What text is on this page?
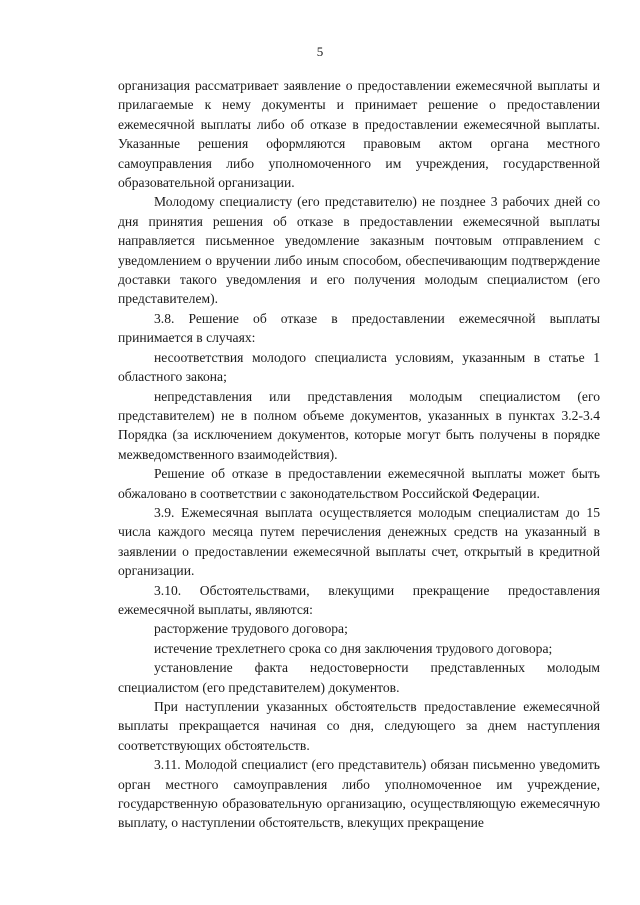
5

организация рассматривает заявление о предоставлении ежемесячной выплаты и прилагаемые к нему документы и принимает решение о предоставлении ежемесячной выплаты либо об отказе в предоставлении ежемесячной выплаты. Указанные решения оформляются правовым актом органа местного самоуправления либо уполномоченного им учреждения, государственной образовательной организации.

Молодому специалисту (его представителю) не позднее 3 рабочих дней со дня принятия решения об отказе в предоставлении ежемесячной выплаты направляется письменное уведомление заказным почтовым отправлением с уведомлением о вручении либо иным способом, обеспечивающим подтверждение доставки такого уведомления и его получения молодым специалистом (его представителем).

3.8. Решение об отказе в предоставлении ежемесячной выплаты принимается в случаях:

несоответствия молодого специалиста условиям, указанным в статье 1 областного закона;

непредставления или представления молодым специалистом (его представителем) не в полном объеме документов, указанных в пунктах 3.2-3.4 Порядка (за исключением документов, которые могут быть получены в порядке межведомственного взаимодействия).

Решение об отказе в предоставлении ежемесячной выплаты может быть обжаловано в соответствии с законодательством Российской Федерации.

3.9. Ежемесячная выплата осуществляется молодым специалистам до 15 числа каждого месяца путем перечисления денежных средств на указанный в заявлении о предоставлении ежемесячной выплаты счет, открытый в кредитной организации.

3.10. Обстоятельствами, влекущими прекращение предоставления ежемесячной выплаты, являются:

расторжение трудового договора;

истечение трехлетнего срока со дня заключения трудового договора;

установление факта недостоверности представленных молодым специалистом (его представителем) документов.

При наступлении указанных обстоятельств предоставление ежемесячной выплаты прекращается начиная со дня, следующего за днем наступления соответствующих обстоятельств.

3.11. Молодой специалист (его представитель) обязан письменно уведомить орган местного самоуправления либо уполномоченное им учреждение, государственную образовательную организацию, осуществляющую ежемесячную выплату, о наступлении обстоятельств, влекущих прекращение
